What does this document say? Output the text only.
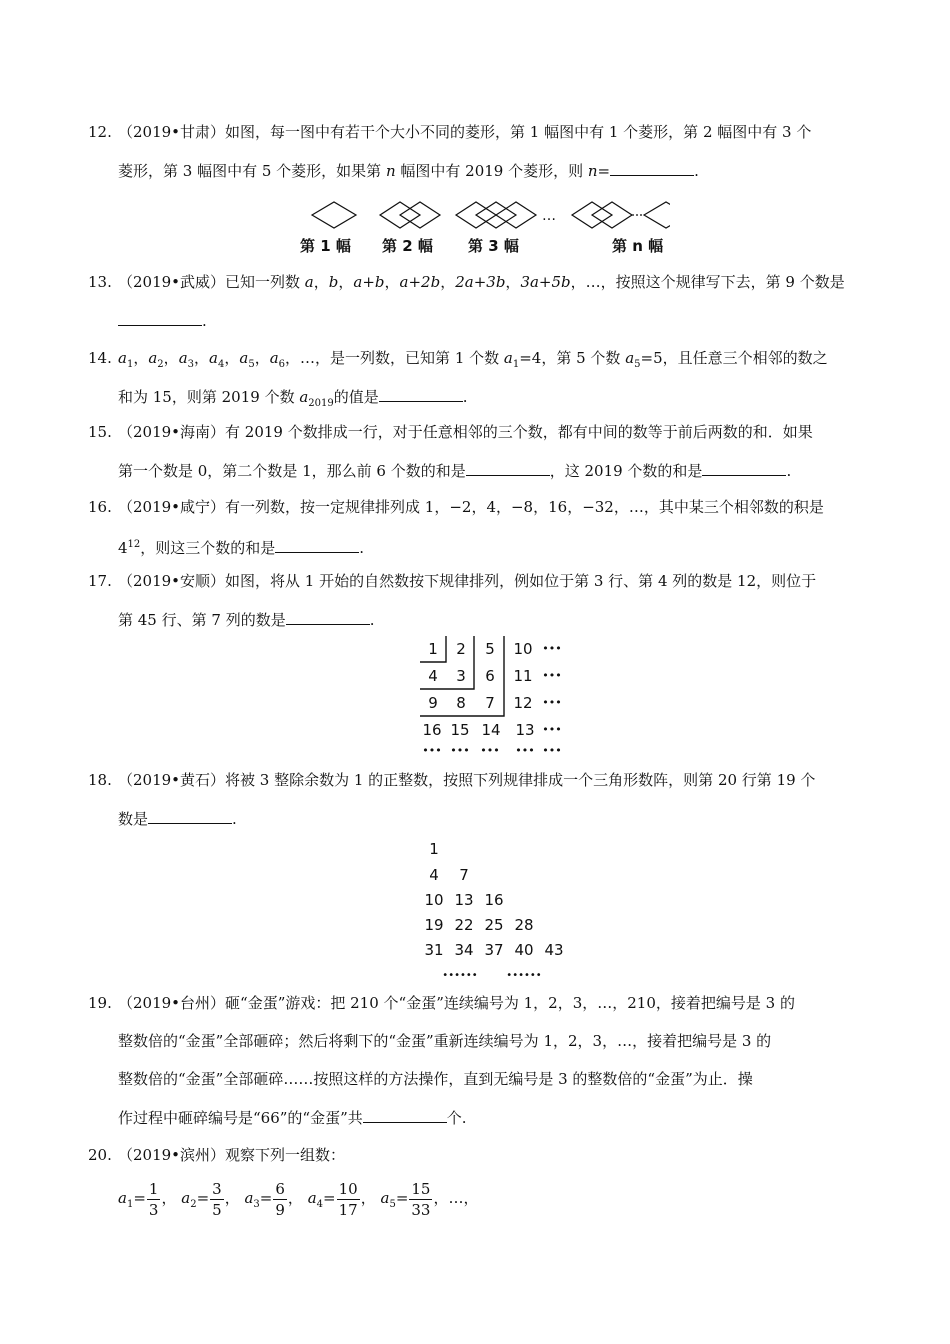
12. （2019•甘肃）如图，每一图中有若干个大小不同的菱形，第 1 幅图中有 1 个菱形，第 2 幅图中有 3 个
菱形，第 3 幅图中有 5 个菱形，如果第 n 幅图中有 2019 个菱形，则 n=	.
…
第 1 幅 第 2 幅 第 3 幅	第 n 幅
13. （2019•武威）已知一列数 a，b，a+b，a+2b，2a+3b，3a+5b，…，按照这个规律写下去，第 9 个数是
.
14. $a_1$，$a_2$，$a_3$，$a_4$，$a_5$，$a_6$，…，是一列数，已知第 1 个数 $a_1=4$，第 5 个数 $a_5=5$，且任意三个相邻的数之
和为 15，则第 2019 个数 $a_{2019}$的值是	.
15. （2019•海南）有 2019 个数排成一行，对于任意相邻的三个数，都有中间的数等于前后两数的和．如果
第一个数是 0，第二个数是 1，那么前 6 个数的和是	，这 2019 个数的和是	.
16. （2019•咸宁）有一列数，按一定规律排列成 1，−2，4，−8，16，−32，…，其中某三个相邻数的积是
$4^{12}$，则这三个数的和是	.
17. （2019•安顺）如图，将从 1 开始的自然数按下规律排列，例如位于第 3 行、第 4 列的数是 12，则位于
第 45 行、第 7 列的数是	.
1 2 5 10 •••
4 3 6 11 •••
9 8 7 12 •••
16 15 14 13 •••
••• ••• ••• ••• •••
18. （2019•黄石）将被 3 整除余数为 1 的正整数，按照下列规律排成一个三角形数阵，则第 20 行第 19 个
数是	.
1
4 7
10 13 16
19 22 25 28
31 34 37 40 43
••••••	••••••
19. （2019•台州）砸“金蛋”游戏：把 210 个“金蛋”连续编号为 1，2，3，…，210，接着把编号是 3 的
整数倍的“金蛋”全部砸碎；然后将剩下的“金蛋”重新连续编号为 1，2，3，…，接着把编号是 3 的
整数倍的“金蛋”全部砸碎……按照这样的方法操作，直到无编号是 3 的整数倍的“金蛋”为止．操
作过程中砸碎编号是“66”的“金蛋”共	个.
20. （2019•滨州）观察下列一组数：
$a_1= \frac{1}{3}$ ， $a_2= \frac{3}{5}$ ， $a_3= \frac{6}{9}$ ， $a_4= \frac{10}{17}$ ， $a_5= \frac{15}{33}$ ，…，
